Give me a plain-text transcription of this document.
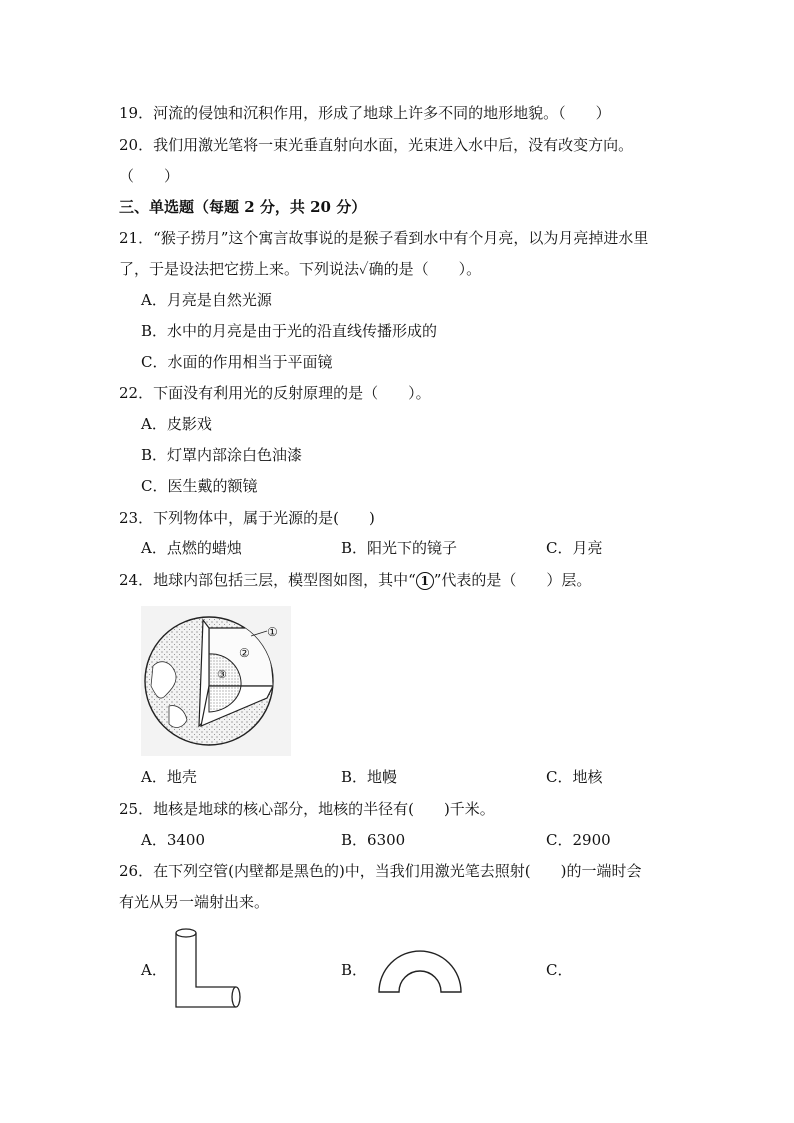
19．河流的侵蚀和沉积作用，形成了地球上许多不同的地形地貌。（　　）
20．我们用激光笔将一束光垂直射向水面，光束进入水中后，没有改变方向。
（　　）
三、单选题（每题 2 分，共 20 分）
21．“猴子捞月”这个寓言故事说的是猴子看到水中有个月亮，以为月亮掉进水里
了，于是设法把它捞上来。下列说法✓确的是（　　）。
A．月亮是自然光源
B．水中的月亮是由于光的沿直线传播形成的
C．水面的作用相当于平面镜
22．下面没有利用光的反射原理的是（　　）。
A．皮影戏
B．灯罩内部涂白色油漆
C．医生戴的额镜
23．下列物体中，属于光源的是(　　)
A．点燃的蜡烛	B．阳光下的镜子	C．月亮
24．地球内部包括三层，模型图如图，其中“ 1 ”代表的是（　　）层。
①
②
③
A．地壳	B．地幔	C．地核
25．地核是地球的核心部分，地核的半径有(　　)千米。
A．3400	B．6300	C．2900
26．在下列空管(内壁都是黑色的)中，当我们用激光笔去照射(　　)的一端时会
有光从另一端射出来。
A．	B．	C．
